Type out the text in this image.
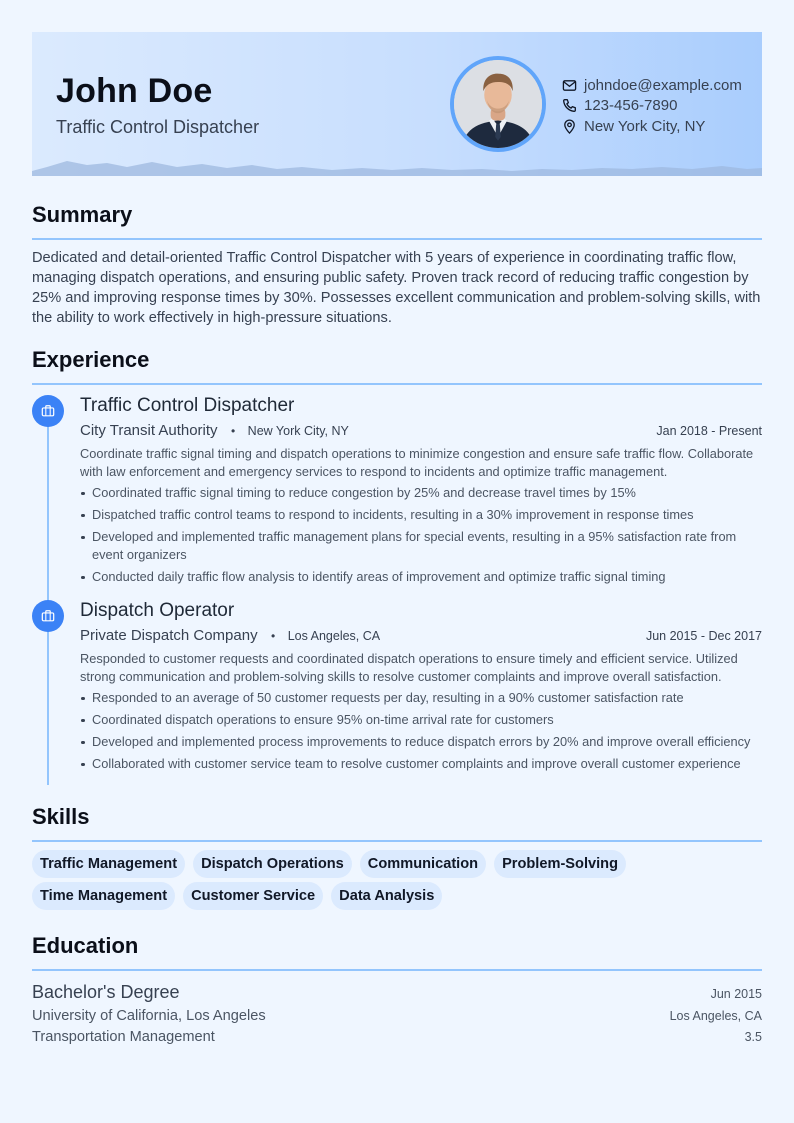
John Doe
Traffic Control Dispatcher
johndoe@example.com
123-456-7890
New York City, NY
Summary

Dedicated and detail-oriented Traffic Control Dispatcher with 5 years of experience in coordinating traffic flow, managing dispatch operations, and ensuring public safety. Proven track record of reducing traffic congestion by 25% and improving response times by 30%. Possesses excellent communication and problem-solving skills, with the ability to work effectively in high-pressure situations.

Experience
Traffic Control Dispatcher
City Transit Authority • New York City, NY	Jan 2018 - Present
Coordinate traffic signal timing and dispatch operations to minimize congestion and ensure safe traffic flow. Collaborate with law enforcement and emergency services to respond to incidents and optimize traffic management.
Coordinated traffic signal timing to reduce congestion by 25% and decrease travel times by 15%
Dispatched traffic control teams to respond to incidents, resulting in a 30% improvement in response times
Developed and implemented traffic management plans for special events, resulting in a 95% satisfaction rate from event organizers
Conducted daily traffic flow analysis to identify areas of improvement and optimize traffic signal timing
Dispatch Operator
Private Dispatch Company • Los Angeles, CA	Jun 2015 - Dec 2017
Responded to customer requests and coordinated dispatch operations to ensure timely and efficient service. Utilized strong communication and problem-solving skills to resolve customer complaints and improve overall satisfaction.
Responded to an average of 50 customer requests per day, resulting in a 90% customer satisfaction rate
Coordinated dispatch operations to ensure 95% on-time arrival rate for customers
Developed and implemented process improvements to reduce dispatch errors by 20% and improve overall efficiency
Collaborated with customer service team to resolve customer complaints and improve overall customer experience
Skills
Traffic Management	Dispatch Operations	Communication	Problem-Solving
Time Management	Customer Service	Data Analysis
Education
Bachelor's Degree	Jun 2015
University of California, Los Angeles	Los Angeles, CA
Transportation Management	3.5
